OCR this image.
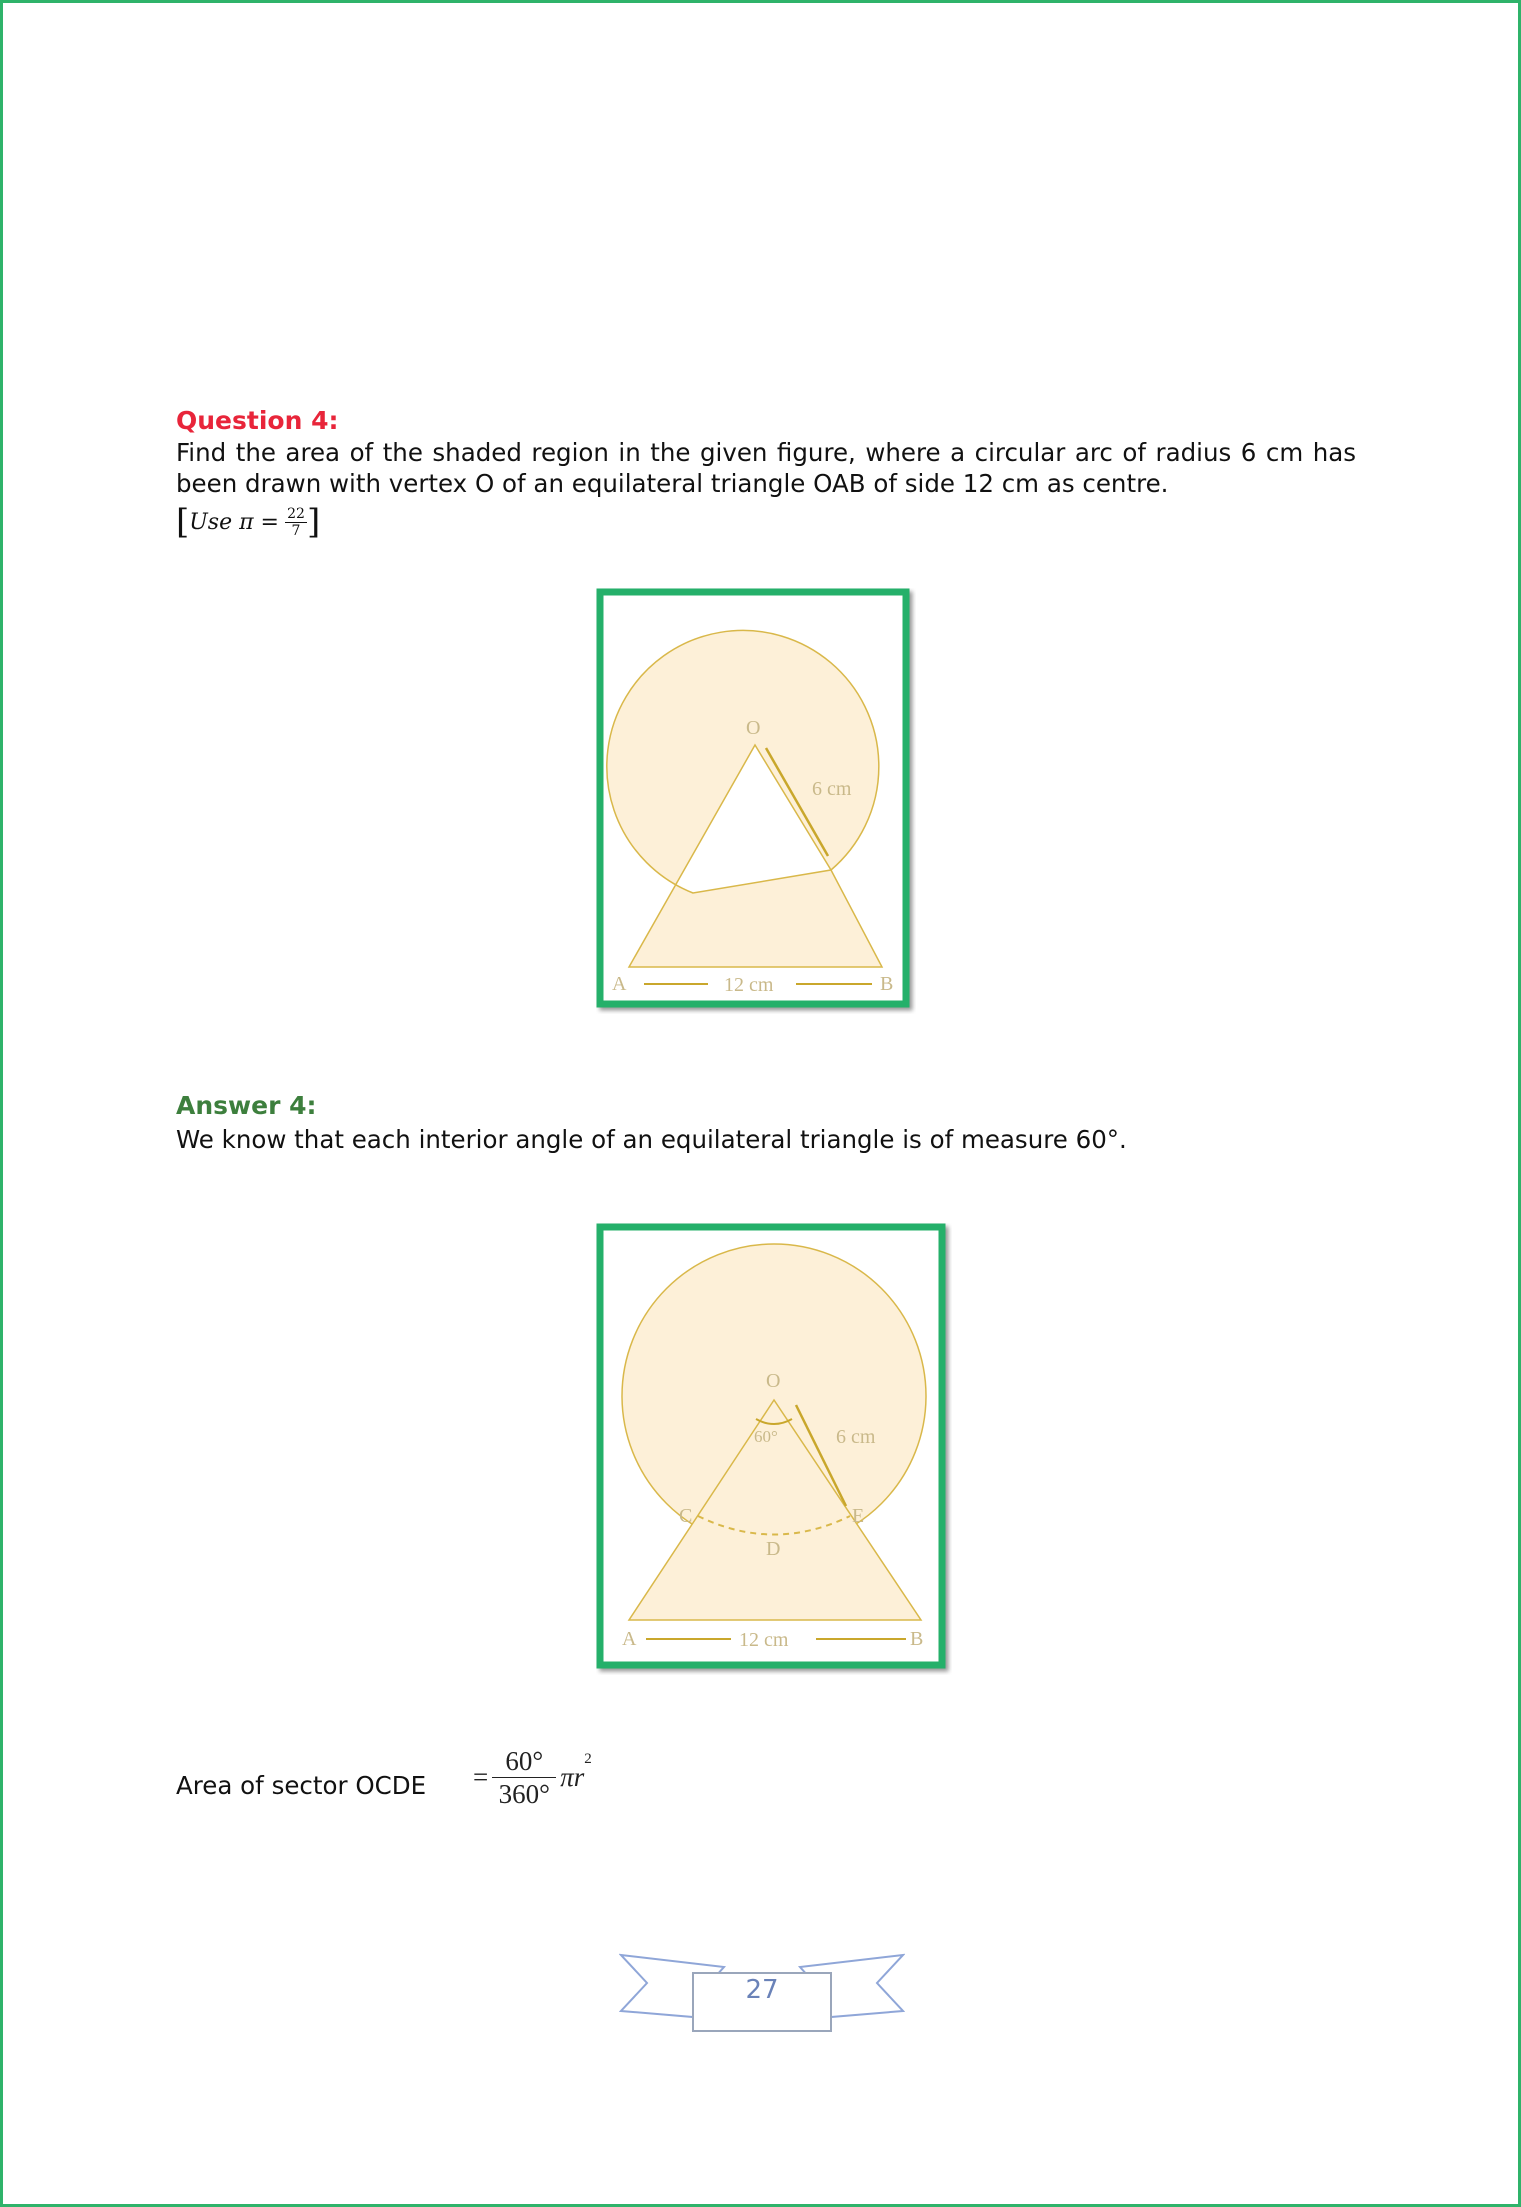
Question 4:
Find the area of the shaded region in the given figure, where a circular arc of radius 6 cm has been drawn with vertex O of an equilateral triangle OAB of side 12 cm as centre.
[ Use $\pi = \frac{22}{7}$ ]
O
A	B
6 cm
12 cm
Answer 4:
We know that each interior angle of an equilateral triangle is of measure 60°.
O
60°	6 cm
C	E
D
A	B
12 cm
Area of sector OCDE	=
60°
360°
πr
$^2$
27
